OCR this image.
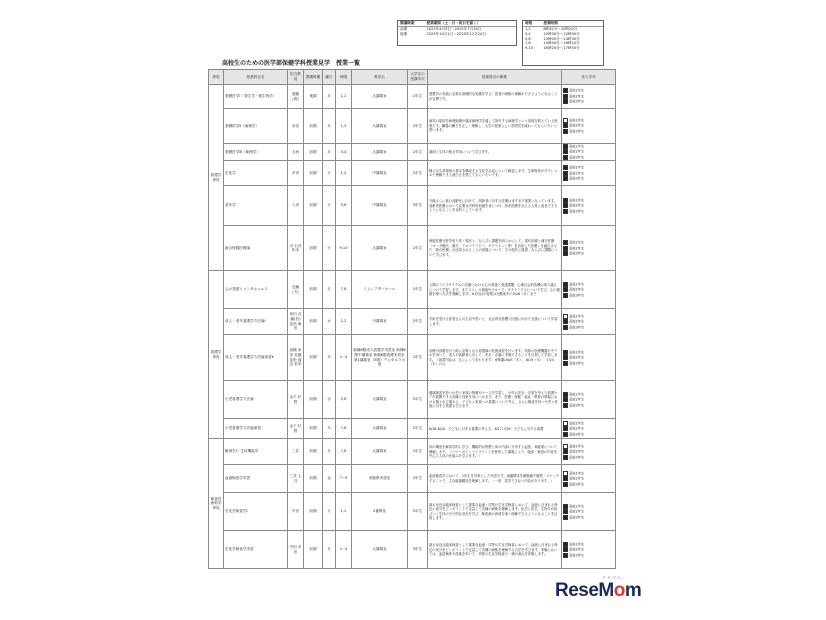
開講時期	授業期間（土・日・祝日を除く）
前期	2025年4月9日～2025年7月30日
後期	2025年10月1日～2025年12月24日
時限	授業時間
1,2	8時50分～10時20分
3,4	10時30分～12時00分
5,6	13時00分～14時30分
7,8	14時40分～16時10分
9,10	16時20分～17時50分
高校生のための医学部保健学科授業見学　授業一覧
専攻	授業科目名	担当教員	開講時期	曜日	時限	教室名	大学生の受講年次	授業科目の概要	受入学年
看護学専攻	基礎医学Ⅰ（発生学・微生物学）	齋藤(看)	後期	月	1,2	大講義室	1年生	看護学の実践に必要な基礎的な知識を学び、患者の病態の理解ができるようになることが目標です。	高校1年生
高校2年生
高校3年生

	基礎医学Ⅱ（病理学）	米田	前期	月	1,2	大講義室	2年生	病気の原因を病理組織や臨床病理学を通して探究する病理学という領域を教えている授業です。臓器の働きを正しく理解し、大学の授業らしい雰囲気を味わってもらいたいと思います。	高校1年生
高校2年生
高校3年生

	基礎医学Ⅲ（薬理学）	大西	前期	月	3,4	大講義室	2年生	薬剤と生体の相互作用について学びます。	高校1年生
高校2年生
高校3年生

	生化学	多田	前期	火	1,2	中講義室	1年生	様々な生命現象の基本を構成する生化学反応について解説します。生命現象が分子レベルで理解できる面白さを感じてもらいたいです。	高校1年生
高校2年生
高校3年生

	老年学	入田	前期	火	5,6	中講義室	3年生	今後さらに進む高齢化に向けて、高齢者に対する医療はますます重要となっています。高齢者医療において必要な内科的知識を身につけ、将来医療を支える人材に成長できるようになることを目的としています。	高校1年生
高校2年生
高校3年生

	統合保健医療論	川 石井 松本	前期	火	9,10	大講義室	2年生	保健医療分野を取り巻く現状と、ならびに課題を明らかにして、現代医療と補完医療（ヨーガ療法、漢方、アロマテラピー、サプリメント等）を活用した医療）を融合させた「統合医療」が活用されることの意義について、その現状と展望、ならびに課題について学びます。	高校1年生
高校2年生
高校3年生

看護学専攻	心の発達とメンタルヘルス	近藤(方)	前期	月	7,8	ミニシアターホール	1年生	人間のライフサイクルの各節における心の発達と発達課題、心理社会的危機の乗り越えについて学習します。またストレス理論やグループ・ダイナミクスについて学び、心の健康を保つ方法を理解します。※1回目の授業は初期前半の5/26（月）まで	高校1年生
高校2年生
高校3年生

	成人・老年看護学方法論Ⅰ	家田 近藤(若) 花松 柴田	前期	水	1,2	中講義室	2年生	手術を受ける患者さんの生活や思いと、社会的な影響と回復に向けた支援について学習します。	高校1年生
高校2年生
高校3年生

	成人・老年看護学方法論演習Ⅱ	高橋 家田 近藤 花松 渡辺 松本	前期	木	1~4	新棟6階成人看護学実習室 新棟6階中講義室 新棟6階看護実習室 第1講義室（5階）デジタルラボ他	2年生	治療や診療を行う際に必要となる看護師の技術演習を行います。実際の医療機器やモデルを用いて、成人や高齢者に対して、安全・正確に実施できることを目指して学習します。（演習内容は、日によって変わります）※開講は6/5（木）、6/19（木）、7/24（木）のみ	高校1年生
高校2年生
高校3年生

	小児看護学方法論	金子 杉野	前期	水	5,6	大講義室	2年生	健康障害を持つ小児と家族の特徴やケースを学習し、小児の安全・安楽を考えた看護ケアが展開できる知識と技術を身につけます。また、医療・保健・福祉・教育の現場における様々な立場から、子どもと家族への看護について考え、さらに障害を持つ小児と家族に対する看護も学びます。	高校1年生
高校2年生
高校3年生

	小児看護学方法論演習	金子 杉野	前期	木	7,8	大講義室	2年生	6/16-6/20：子どもに対する看護の考え方、6/17-7/29：子どもに対する看護	高校1年生
高校2年生
高校3年生

検査技術科学専攻	解剖学Ⅰ・生体機能学	三井	前期	月	7,8	大講義室	1年生	体の構造を解剖学的に学び、機能的な特徴と体の内部に分布する血管、神経系について理解します。（パワーポイントとプリントを使用した講義により、臨床・検査の内容を中心に人体の仕組みを学びます。）	高校1年生
高校2年生
高校3年生

	血液検査学実習	三井 土井	前期	金	7~9	形態系実習室	2年生	血液検査学において、1年生を対象とした実習です。組織標本を顕微鏡で観察・スケッチすることで、主な組織構造を理解します。（一部、見学できない内容があります。）	高校1年生
高校2年生
高校3年生

	生化学検査学Ⅰ	中田	前期	火	1,2	5番教室	2年生	最も身近な臨床検査として重要な血液・尿等の生化学検査において、血液に含まれる特定の成分をピンポイントで定量して各種の病態を理解します。化学と医学、生物学が結びつく生体の分子的な変化を学び、検査値の意味を深く理解できるようになることを目指します。	高校1年生
高校2年生
高校3年生

	生化学検査学実習	中田 多田	前期	月	1~4	大講義室	3年生	最も身近な臨床検査として重要な血液・尿等の生化学検査において、血液に含まれる特定の成分をピンポイントで定量して各種の病態を理解する方法を学びます。実験においては、血清検体や試薬を用いて、実際の生化学検査の一連の流れを体験します。	高校1年生
高校2年生
高校3年生
リセマム
ReseMom
